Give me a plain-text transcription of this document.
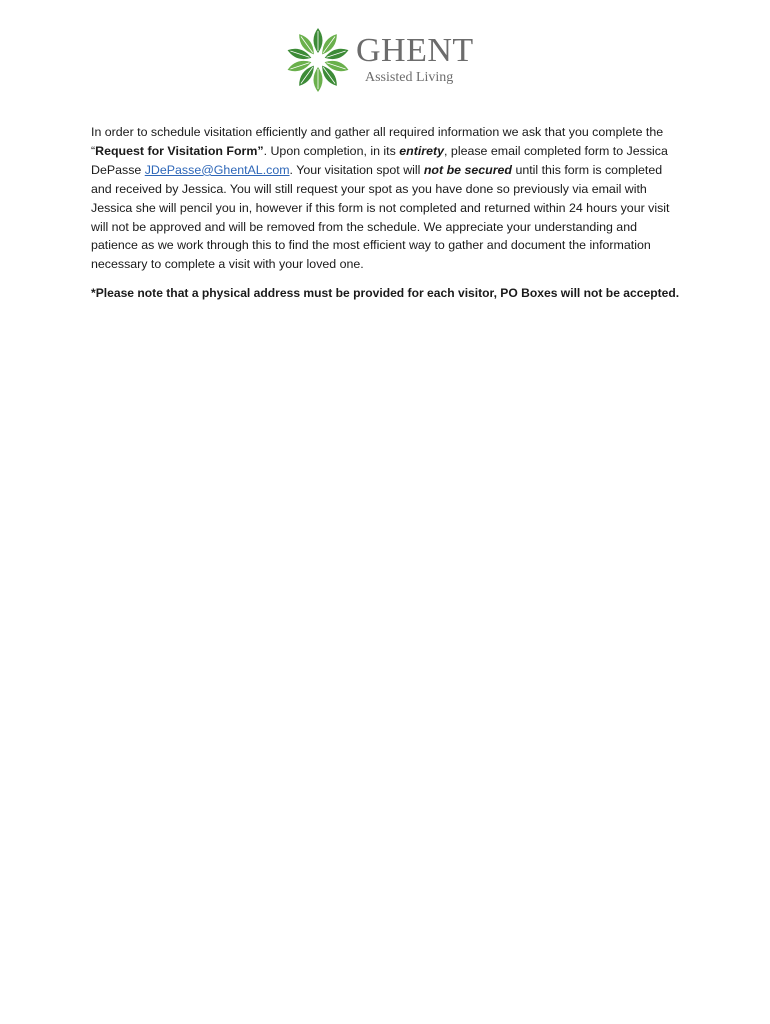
GHENT
Assisted Living

In order to schedule visitation efficiently and gather all required information we ask that you complete the “Request for Visitation Form”. Upon completion, in its entirety, please email completed form to Jessica DePasse JDePasse@GhentAL.com. Your visitation spot will not be secured until this form is completed and received by Jessica. You will still request your spot as you have done so previously via email with Jessica she will pencil you in, however if this form is not completed and returned within 24 hours your visit will not be approved and will be removed from the schedule. We appreciate your understanding and patience as we work through this to find the most efficient way to gather and document the information necessary to complete a visit with your loved one.

*Please note that a physical address must be provided for each visitor, PO Boxes will not be accepted.
